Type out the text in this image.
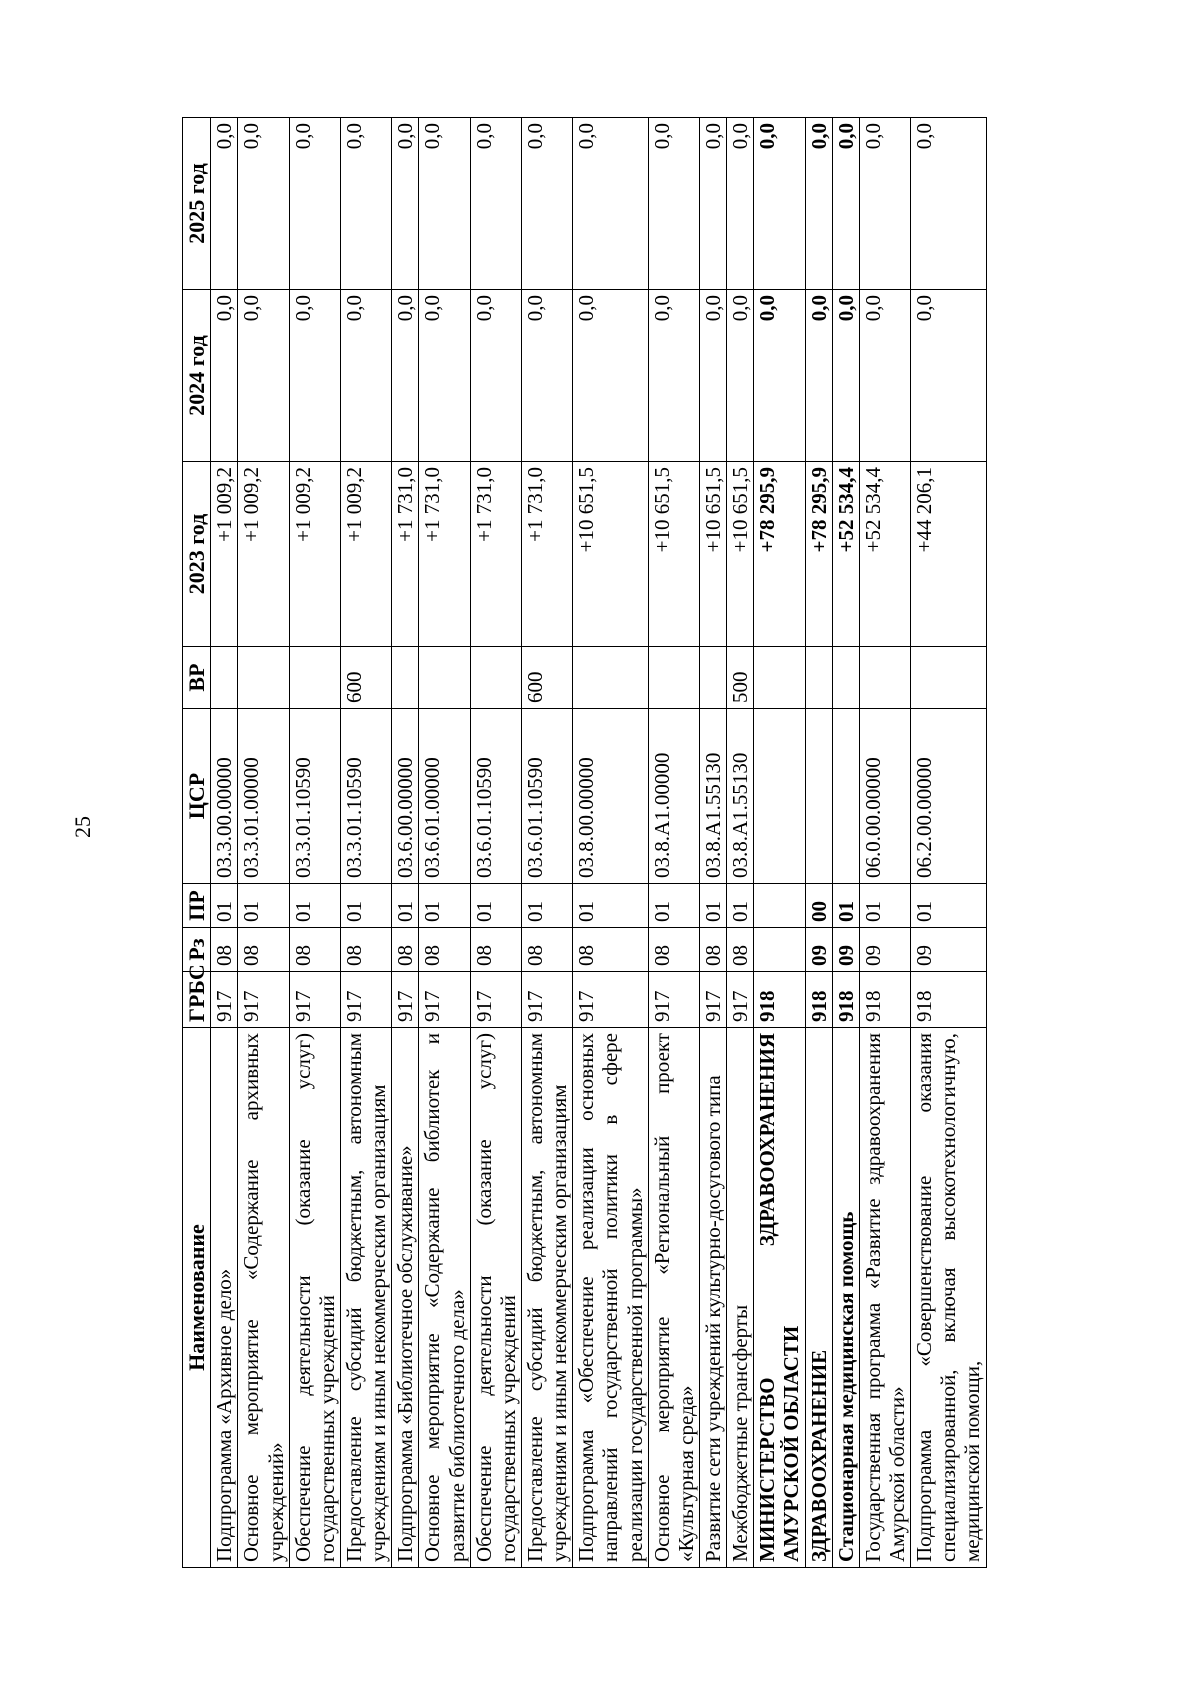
25
Наименование	ГРБС	Рз	ПР	ЦСР	ВР	2023 год	2024 год	2025 год
Подпрограмма «Архивное дело»	917	08	01	03.3.00.00000		+1 009,2	0,0	0,0
Основное мероприятие «Содержание архивных учреждений»	917	08	01	03.3.01.00000		+1 009,2	0,0	0,0
Обеспечение деятельности (оказание услуг) государственных учреждений	917	08	01	03.3.01.10590		+1 009,2	0,0	0,0
Предоставление субсидий бюджетным, автономным учреждениям и иным некоммерческим организациям	917	08	01	03.3.01.10590	600	+1 009,2	0,0	0,0
Подпрограмма «Библиотечное обслуживание»	917	08	01	03.6.00.00000		+1 731,0	0,0	0,0
Основное мероприятие «Содержание библиотек и развитие библиотечного дела»	917	08	01	03.6.01.00000		+1 731,0	0,0	0,0
Обеспечение деятельности (оказание услуг) государственных учреждений	917	08	01	03.6.01.10590		+1 731,0	0,0	0,0
Предоставление субсидий бюджетным, автономным учреждениям и иным некоммерческим организациям	917	08	01	03.6.01.10590	600	+1 731,0	0,0	0,0
Подпрограмма «Обеспечение реализации основных направлений государственной политики в сфере реализации государственной программы»	917	08	01	03.8.00.00000		+10 651,5	0,0	0,0
Основное мероприятие «Региональный проект «Культурная среда»	917	08	01	03.8.A1.00000		+10 651,5	0,0	0,0
Развитие сети учреждений культурно-досугового типа	917	08	01	03.8.A1.55130		+10 651,5	0,0	0,0
Межбюджетные трансферты	917	08	01	03.8.A1.55130	500	+10 651,5	0,0	0,0
МИНИСТЕРСТВО ЗДРАВООХРАНЕНИЯ АМУРСКОЙ ОБЛАСТИ	918					+78 295,9	0,0	0,0
ЗДРАВООХРАНЕНИЕ	918	09	00			+78 295,9	0,0	0,0
Стационарная медицинская помощь	918	09	01			+52 534,4	0,0	0,0
Государственная программа «Развитие здравоохранения Амурской области»	918	09	01	06.0.00.00000		+52 534,4	0,0	0,0
Подпрограмма «Совершенствование оказания специализированной, включая высокотехнологичную, медицинской помощи,	918	09	01	06.2.00.00000		+44 206,1	0,0	0,0
